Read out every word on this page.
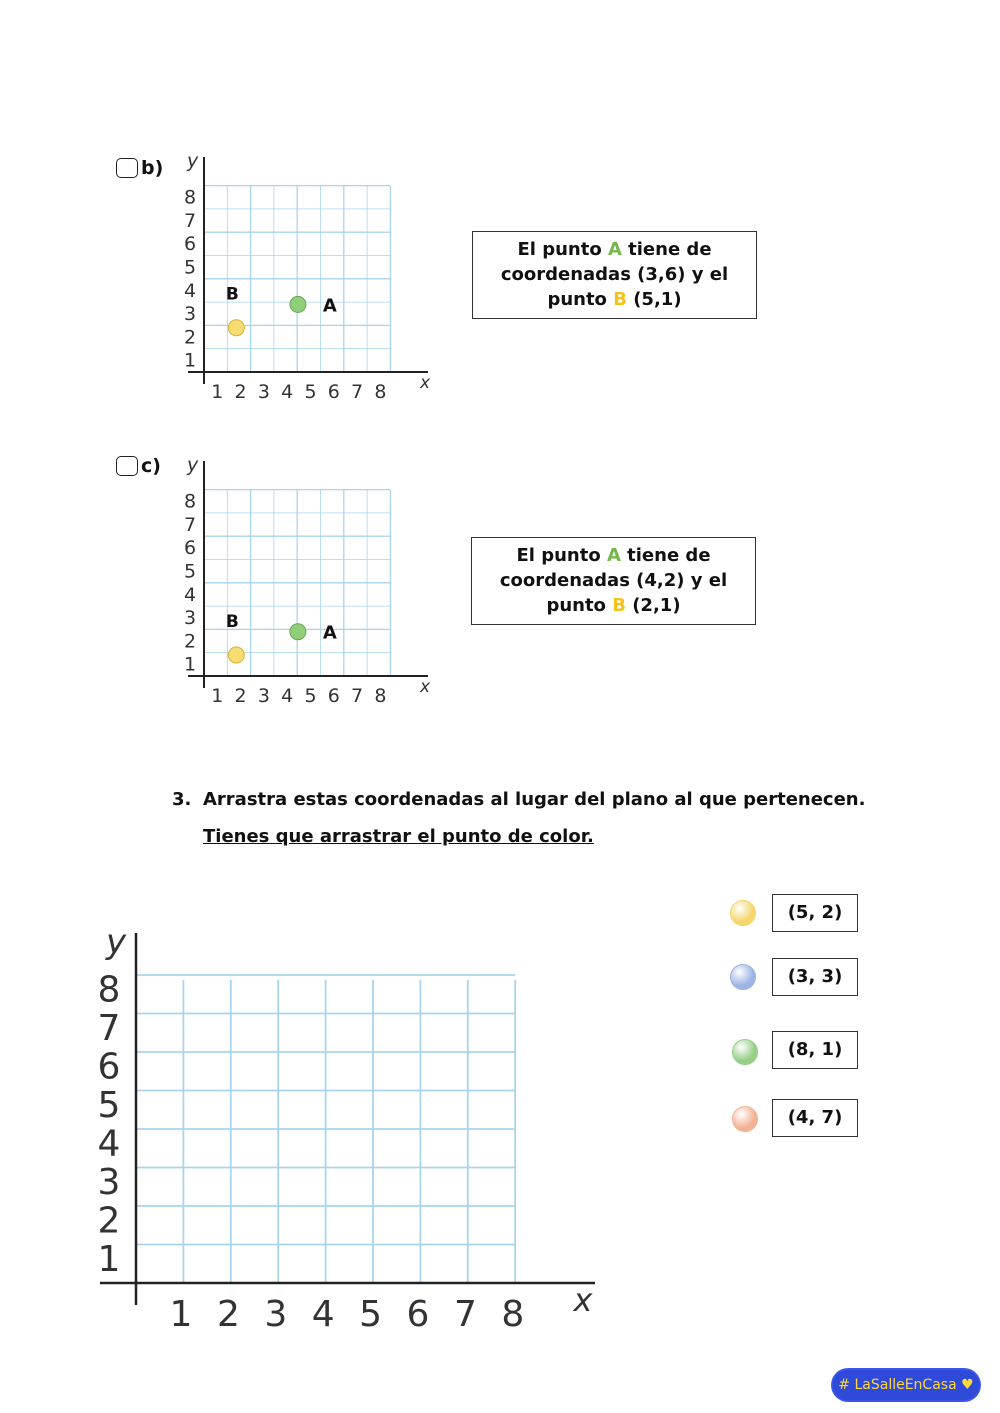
b)
1 2 3 4 5 6 7 8
1
2
3
4
5
6
7
8
x
y
A
B
El punto A tiene de coordenadas (3,6) y el punto B (5,1)
c)
1 2 3 4 5 6 7 8
1
2
3
4
5
6
7
8
x
y
A
B
El punto A tiene de coordenadas (4,2) y el punto B (2,1)
3. Arrastra estas coordenadas al lugar del plano al que pertenecen.
Tienes que arrastrar el punto de color.
1 2 3 4 5 6 7 8
1
2
3
4
5
6
7
8
x
y
(5, 2)
(3, 3)
(8, 1)
(4, 7)
# LaSalleEnCasa ♥
